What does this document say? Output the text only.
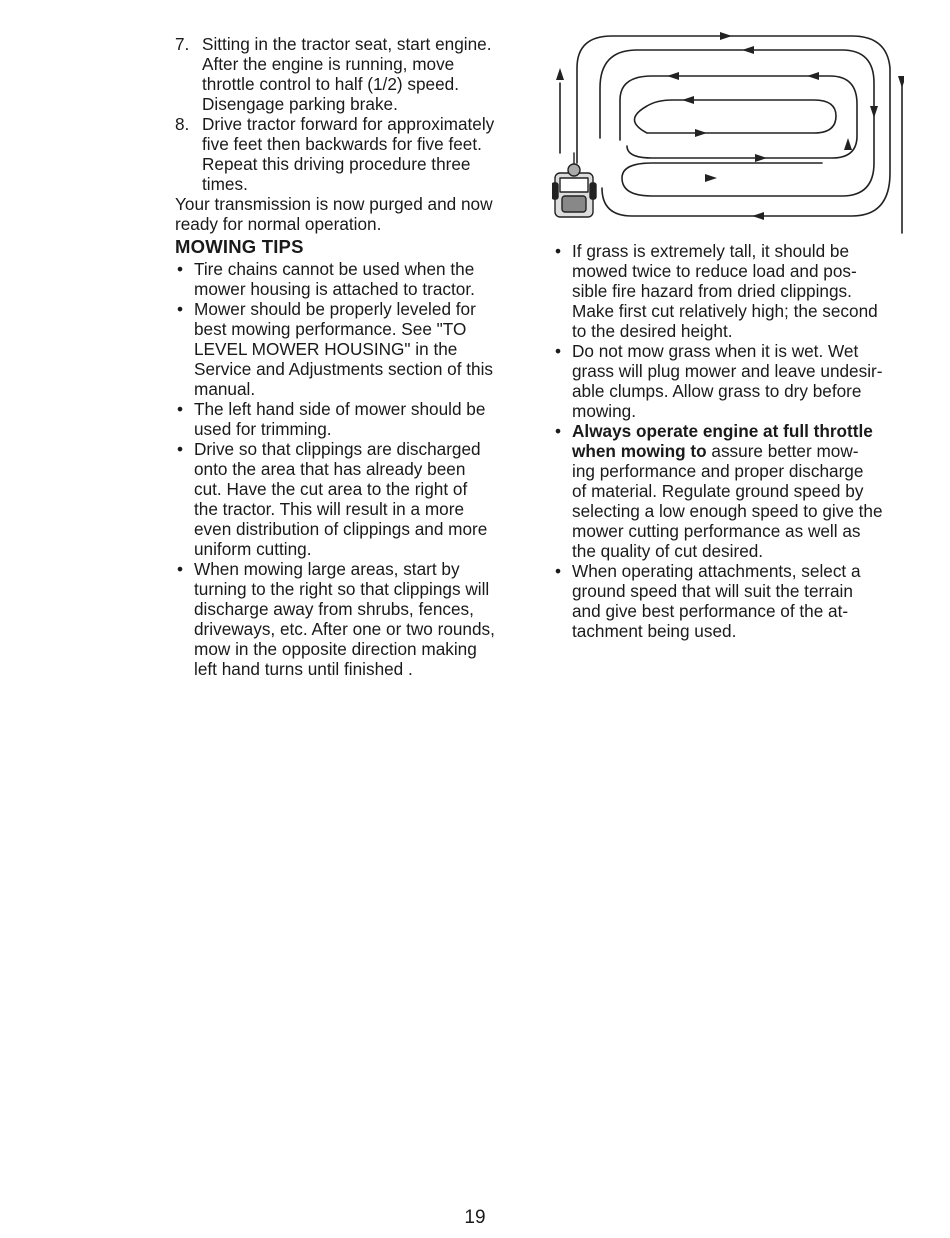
7. Sitting in the tractor seat, start engine.
After the engine is running, move
throttle control to half (1/2) speed.
Disengage parking brake.
8. Drive tractor forward for approximately
five feet then backwards for five feet.
Repeat this driving procedure three
times.
Your transmission is now purged and now
ready for normal operation.
MOWING TIPS
• Tire chains cannot be used when the
mower housing is attached to tractor.
• Mower should be properly leveled for
best mowing performance. See "TO
LEVEL MOWER HOUSING" in the
Service and Adjustments section of this
manual.
• The left hand side of mower should be
used for trimming.
• Drive so that clippings are discharged
onto the area that has already been
cut. Have the cut area to the right of
the tractor. This will result in a more
even distribution of clippings and more
uniform cutting.
• When mowing large areas, start by
turning to the right so that clippings will
discharge away from shrubs, fences,
driveways, etc. After one or two rounds,
mow in the opposite direction making
left hand turns until finished .
• If grass is extremely tall, it should be
mowed twice to reduce load and pos-
sible fire hazard from dried clippings.
Make first cut relatively high; the second
to the desired height.
• Do not mow grass when it is wet. Wet
grass will plug mower and leave undesir-
able clumps. Allow grass to dry before
mowing.
• Always operate engine at full throttle
when mowing to assure better mow-
ing performance and proper discharge
of material. Regulate ground speed by
selecting a low enough speed to give the
mower cutting performance as well as
the quality of cut desired.
• When operating attachments, select a
ground speed that will suit the terrain
and give best performance of the at-
tachment being used.
19
